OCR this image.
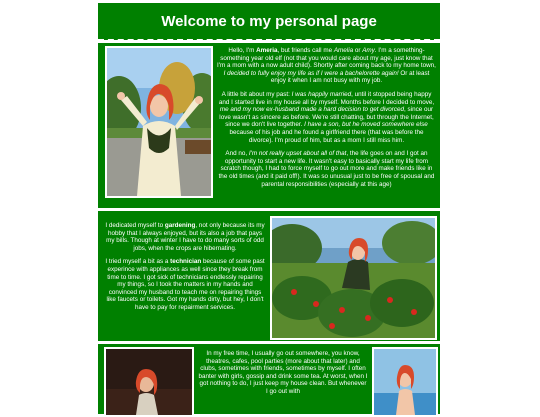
Welcome to my personal page

Hello, I'm Ameria, but friends call me Amelia or Amy. I'm a something-something year old elf (not that you would care about my age, just know that I'm a mom with a now adult child). Shortly after coming back to my home town, I decided to fully enjoy my life as if I were a bachelorette again! Or at least enjoy it when I am not busy with my job.

A little bit about my past: I was happily married, until it stopped being happy and I started live in my house all by myself. Months before I decided to move, me and my now ex-husband made a hard decision to get divorced, since our love wasn't as sincere as before. We're still chatting, but through the Internet, since we don't live together. I have a son, but he moved somewhere else because of his job and he found a girlfriend there (that was before the divorce). I'm proud of him, but as a mom I still miss him.

And no, I'm not really upset about all of that, the life goes on and I got an opportunity to start a new life. It wasn't easy to basically start my life from scratch though, I had to force myself to go out more and make friends like in the old times (and it paid off!). It was so unusual just to be free of spousal and parental responsibilities (especially at this age)

I dedicated myself to gardening, not only because its my hobby that I always enjoyed, but its also a job that pays my bills. Though at winter I have to do many sorts of odd jobs, when the crops are hibernating.

I tried myself a bit as a technician because of some past experince with appliances as well since they break from time to time. I got sick of technicians endlessly repairing my things, so I took the matters in my hands and convinced my husband to teach me on repairing things like faucets or toilets. Got my hands dirty, but hey, I don't have to pay for repairment services.

In my free time, I usually go out somewhere, you know, theatres, cafes, pool parties (more about that later) and clubs, sometimes with friends, sometimes by myself. I often banter with girls, gossip and drink some tea. At worst, when I got nothing to do, I just keep my house clean. But whenever I go out with
